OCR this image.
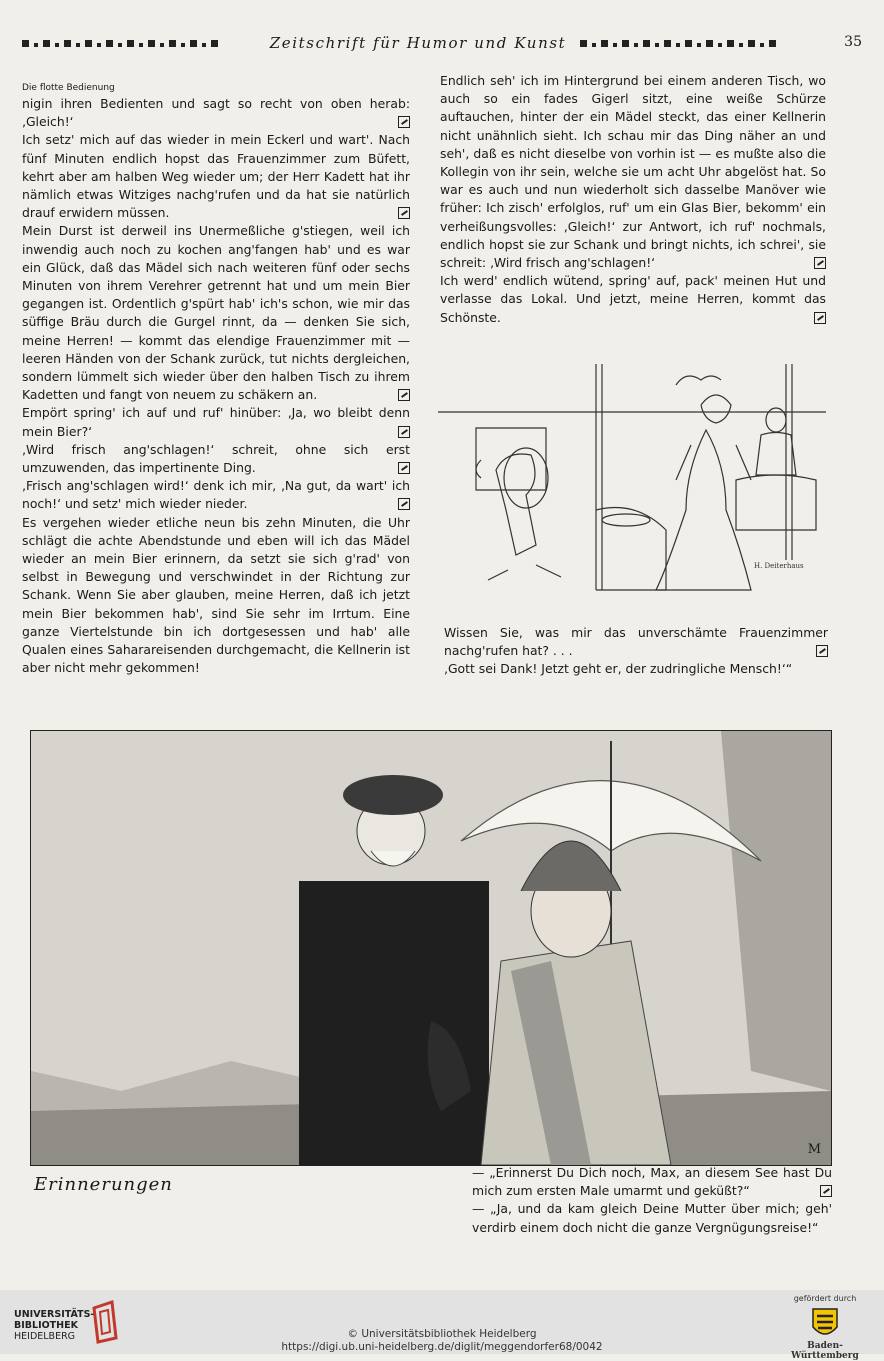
Zeitschrift für Humor und Kunst	35
Die flotte Bedienung

nigin ihren Bedienten und sagt so recht von oben herab: ‚Gleich!‘

Ich setz' mich auf das wieder in mein Eckerl und wart'. Nach fünf Minuten endlich hopst das Frauenzimmer zum Büfett, kehrt aber am halben Weg wieder um; der Herr Kadett hat ihr nämlich etwas Witziges nachg'rufen und da hat sie natürlich drauf erwidern müssen.

Mein Durst ist derweil ins Unermeßliche g'stiegen, weil ich inwendig auch noch zu kochen ang'fangen hab' und es war ein Glück, daß das Mädel sich nach weiteren fünf oder sechs Minuten von ihrem Verehrer getrennt hat und um mein Bier gegangen ist. Ordentlich g'spürt hab' ich's schon, wie mir das süffige Bräu durch die Gurgel rinnt, da — denken Sie sich, meine Herren! — kommt das elendige Frauenzimmer mit — leeren Händen von der Schank zurück, tut nichts dergleichen, sondern lümmelt sich wieder über den halben Tisch zu ihrem Kadetten und fangt von neuem zu schäkern an.

Empört spring' ich auf und ruf' hinüber: ‚Ja, wo bleibt denn mein Bier?‘

‚Wird frisch ang'schlagen!‘ schreit, ohne sich erst umzuwenden, das impertinente Ding.

‚Frisch ang'schlagen wird!‘ denk ich mir, ‚Na gut, da wart' ich noch!‘ und setz' mich wieder nieder.

Es vergehen wieder etliche neun bis zehn Minuten, die Uhr schlägt die achte Abendstunde und eben will ich das Mädel wieder an mein Bier erinnern, da setzt sie sich g'rad' von selbst in Bewegung und verschwindet in der Richtung zur Schank. Wenn Sie aber glauben, meine Herren, daß ich jetzt mein Bier bekommen hab', sind Sie sehr im Irrtum. Eine ganze Viertelstunde bin ich dortgesessen und hab' alle Qualen eines Saharareisenden durchgemacht, die Kellnerin ist aber nicht mehr gekommen!

Endlich seh' ich im Hintergrund bei einem anderen Tisch, wo auch so ein fades Gigerl sitzt, eine weiße Schürze auftauchen, hinter der ein Mädel steckt, das einer Kellnerin nicht unähnlich sieht. Ich schau mir das Ding näher an und seh', daß es nicht dieselbe von vorhin ist — es mußte also die Kollegin von ihr sein, welche sie um acht Uhr abgelöst hat. So war es auch und nun wiederholt sich dasselbe Manöver wie früher: Ich zisch' erfolglos, ruf' um ein Glas Bier, bekomm' ein verheißungsvolles: ‚Gleich!‘ zur Antwort, ich ruf' nochmals, endlich hopst sie zur Schank und bringt nichts, ich schrei', sie schreit: ‚Wird frisch ang'schlagen!‘

Ich werd' endlich wütend, spring' auf, pack' meinen Hut und verlasse das Lokal. Und jetzt, meine Herren, kommt das Schönste.

H. Deiterhaus

Wissen Sie, was mir das unverschämte Frauenzimmer nachg'rufen hat? . . .

‚Gott sei Dank! Jetzt geht er, der zudringliche Mensch!‘“

M
Erinnerungen

— „Erinnerst Du Dich noch, Max, an diesem See hast Du mich zum ersten Male umarmt und geküßt?“

— „Ja, und da kam gleich Deine Mutter über mich; geh' verdirb einem doch nicht die ganze Vergnügungsreise!“

UNIVERSITÄTS-
BIBLIOTHEK
HEIDELBERG	© Universitätsbibliothek Heidelberg
https://digi.ub.uni-heidelberg.de/diglit/meggendorfer68/0042
gefördert durch
Baden-Württemberg
